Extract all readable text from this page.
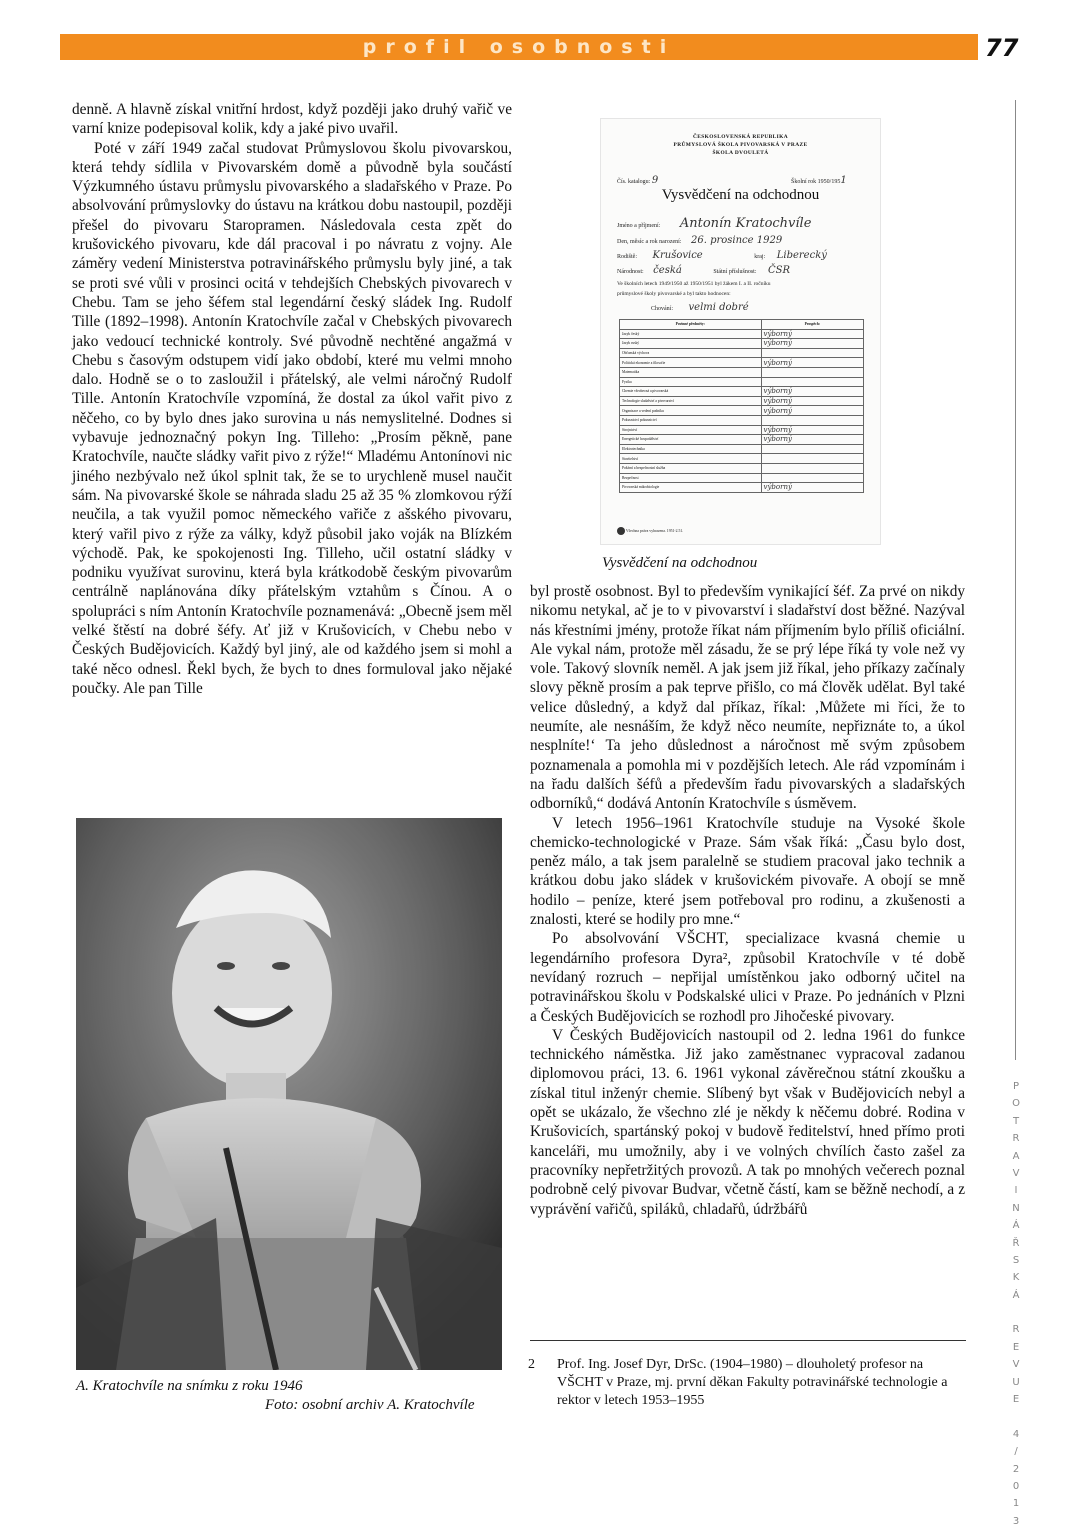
profil osobnosti	77

denně. A hlavně získal vnitřní hrdost, když později jako druhý vařič ve varní knize podepisoval kolik, kdy a jaké pivo uvařil.

Poté v září 1949 začal studovat Průmyslovou školu pivovarskou, která tehdy sídlila v Pivovarském domě a původně byla součástí Výzkumného ústavu průmyslu pivovarského a sladařského v Praze. Po absolvování průmyslovky do ústavu na krátkou dobu nastoupil, později přešel do pivovaru Staropramen. Následovala cesta zpět do krušovického pivovaru, kde dál pracoval i po návratu z vojny. Ale záměry vedení Ministerstva potravinářského průmyslu byly jiné, a tak se proti své vůli v prosinci ocitá v tehdejších Chebských pivovarech v Chebu. Tam se jeho šéfem stal legendární český sládek Ing. Rudolf Tille (1892–1998). Antonín Kratochvíle začal v Chebských pivovarech jako vedoucí technické kontroly. Své původně nechtěné angažmá v Chebu s časovým odstupem vidí jako období, které mu velmi mnoho dalo. Hodně se o to zasloužil i přátelský, ale velmi náročný Rudolf Tille. Antonín Kratochvíle vzpomíná, že dostal za úkol vařit pivo z něčeho, co by bylo dnes jako surovina u nás nemyslitelné. Dodnes si vybavuje jednoznačný pokyn Ing. Tilleho: „Prosím pěkně, pane Kratochvíle, naučte sládky vařit pivo z rýže!“ Mladému Antonínovi nic jiného nezbývalo než úkol splnit tak, že se to urychleně musel naučit sám. Na pivovarské škole se náhrada sladu 25 až 35 % zlomkovou rýží neučila, a tak využil pomoc německého vařiče z ašského pivovaru, který vařil pivo z rýže za války, když působil jako voják na Blízkém východě. Pak, ke spokojenosti Ing. Tilleho, učil ostatní sládky v podniku využívat surovinu, která byla krátkodobě českým pivovarům centrálně naplánována díky přátelským vztahům s Čínou. A o spolupráci s ním Antonín Kratochvíle poznamenává: „Obecně jsem měl velké štěstí na dobré šéfy. Ať již v Krušovicích, v Chebu nebo v Českých Budějovicích. Každý byl jiný, ale od každého jsem si mohl a také něco odnesl. Řekl bych, že bych to dnes formuloval jako nějaké poučky. Ale pan Tille

ČESKOSLOVENSKÁ REPUBLIKA
PRŮMYSLOVÁ ŠKOLA PIVOVARSKÁ V PRAZE
ŠKOLA DVOULETÁ
Čís. katalogu: 9	Školní rok 1950/1951
Vysvědčení na odchodnou
Jméno a příjmení: Antonín Kratochvíle
Den, měsíc a rok narození: 26. prosince 1929
Rodiště: Krušovice	kraj: Liberecký
Národnost: česká	Státní příslušnost: ČSR
Ve školních letech 1949/1950 až 1950/1951 byl žákem I. a II. ročníku
průmyslové školy pivovarské a byl takto hodnocen:
Chování: velmi dobré
Povinné předměty:	Prospěch:
Jazyk český	výborný
Jazyk ruský	výborný
Občanská výchova	
Politická ekonomie a filosofie	výborný
Matematika	
Fysika	
Chemie všeobecná a pivovarská	výborný
Technologie sladařství a pivovarství	výborný
Organisace a vedení podniku	výborný
Pokusnictví pokusnictví	
Strojnictví	výborný
Energetické hospodářství	výborný
Elektrotechnika	
Stavitelství	
Požární a bezpečnostní služba	
Bezpečnost	
Pivovarská mikrobiologie	výborný
Všechna práva vyhrazena. 1951-2.51.
Vysvědčení na odchodnou

byl prostě osobnost. Byl to především vynikající šéf. Za prvé on nikdy nikomu netykal, ač je to v pivovarství i sladařství dost běžné. Nazýval nás křestními jmény, protože říkat nám příjmením bylo příliš oficiální. Ale vykal nám, protože měl zásadu, že se prý lépe říká ty vole než vy vole. Takový slovník neměl. A jak jsem již říkal, jeho příkazy začínaly slovy pěkně prosím a pak teprve přišlo, co má člověk udělat. Byl také velice důsledný, a když dal příkaz, říkal: ‚Můžete mi říci, že to neumíte, ale nesnáším, že když něco neumíte, nepřiznáte to, a úkol nesplníte!‘ Ta jeho důslednost a náročnost mě svým způsobem poznamenala a pomohla mi v pozdějších letech. Ale rád vzpomínám i na řadu dalších šéfů a především řadu pivovarských a sladařských odborníků,“ dodává Antonín Kratochvíle s úsměvem.

V letech 1956–1961 Kratochvíle studuje na Vysoké škole chemicko-technologické v Praze. Sám však říká: „Času bylo dost, peněz málo, a tak jsem paralelně se studiem pracoval jako technik a krátkou dobu jako sládek v krušovickém pivovaře. A obojí se mně hodilo – peníze, které jsem potřeboval pro rodinu, a zkušenosti a znalosti, které se hodily pro mne.“

Po absolvování VŠCHT, specializace kvasná chemie u legendárního profesora Dyra², způsobil Kratochvíle v té době nevídaný rozruch – nepřijal umístěnkou jako odborný učitel na potravinářskou školu v Podskalské ulici v Praze. Po jednáních v Plzni a Českých Budějovicích se rozhodl pro Jihočeské pivovary.

V Českých Budějovicích nastoupil od 2. ledna 1961 do funkce technického náměstka. Již jako zaměstnanec vypracoval zadanou diplomovou práci, 13. 6. 1961 vykonal závěrečnou státní zkoušku a získal titul inženýr chemie. Slíbený byt však v Budějovicích nebyl a opět se ukázalo, že všechno zlé je někdy k něčemu dobré. Rodina v Krušovicích, spartánský pokoj v budově ředitelství, hned přímo proti kanceláři, mu umožnily, aby i ve volných chvílích často zašel za pracovníky nepřetržitých provozů. A tak po mnohých večerech poznal podrobně celý pivovar Budvar, včetně částí, kam se běžně nechodí, a z vyprávění vařičů, spiláků, chladařů, údržbářů

A. Kratochvíle na snímku z roku 1946
Foto: osobní archiv A. Kratochvíle
2 Prof. Ing. Josef Dyr, DrSc. (1904–1980) – dlouholetý profesor na VŠCHT v Praze, mj. první děkan Fakulty potravinářské technologie a rektor v letech 1953–1955
P
O
T
R
A
V
I
N
Á
Ř
S
K
Á
R
E
V
U
E
4
/
2
0
1
3
